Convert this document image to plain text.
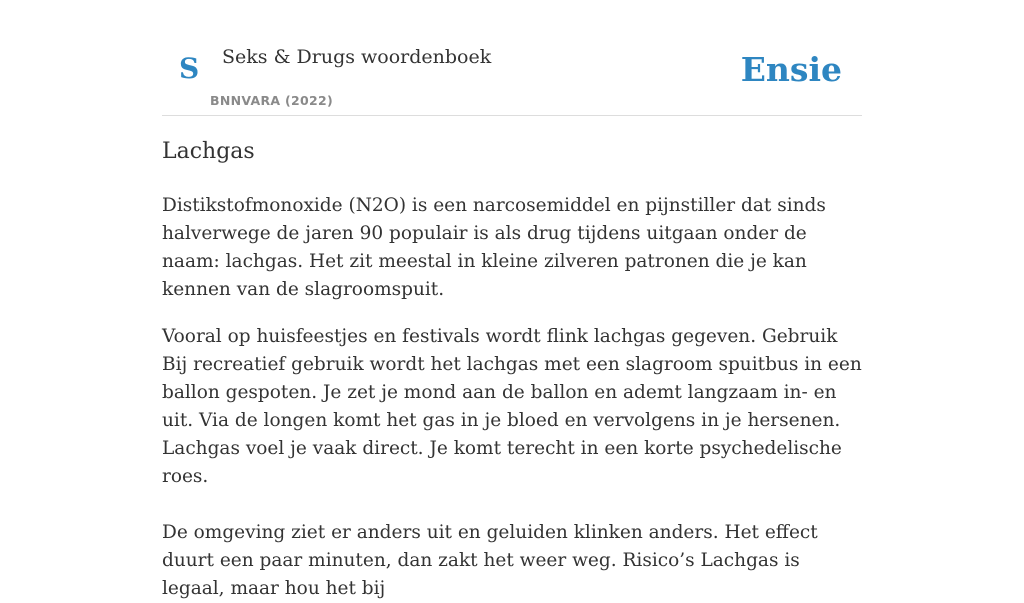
S Seks & Drugs woordenboek
BNNVARA (2022)
Ensie
Lachgas

Distikstofmonoxide (N2O) is een narcosemiddel en pijnstiller dat sinds halverwege de jaren 90 populair is als drug tijdens uitgaan onder de naam: lachgas. Het zit meestal in kleine zilveren patronen die je kan kennen van de slagroomspuit.

Vooral op huisfeestjes en festivals wordt flink lachgas gegeven. Gebruik Bij recreatief gebruik wordt het lachgas met een slagroom spuitbus in een ballon gespoten. Je zet je mond aan de ballon en ademt langzaam in- en uit. Via de longen komt het gas in je bloed en vervolgens in je hersenen. Lachgas voel je vaak direct. Je komt terecht in een korte psychedelische roes.

De omgeving ziet er anders uit en geluiden klinken anders. Het effect duurt een paar minuten, dan zakt het weer weg. Risico’s Lachgas is legaal, maar hou het bij
